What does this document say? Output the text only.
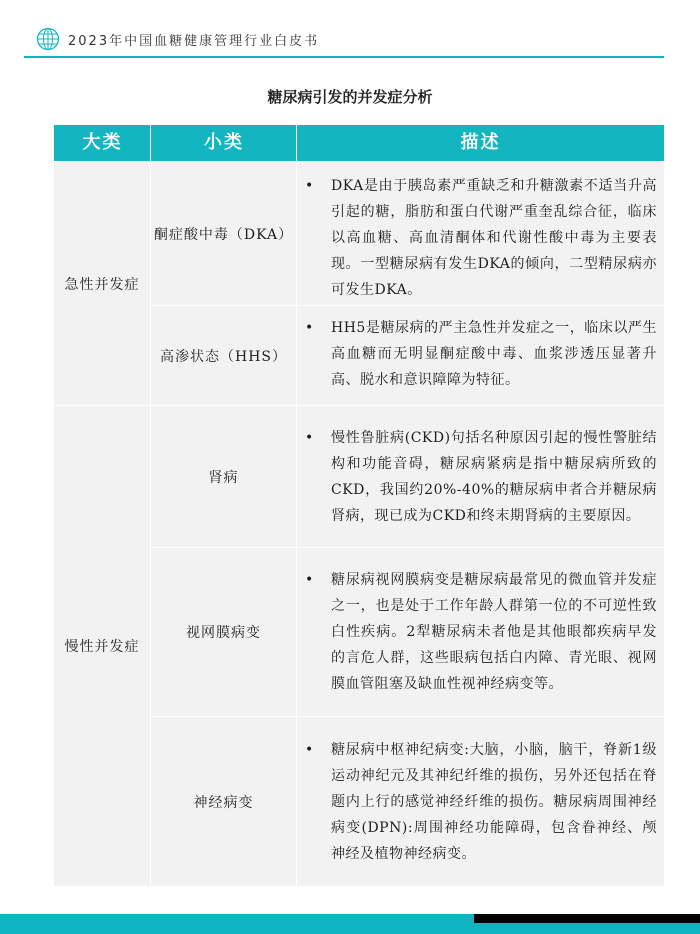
2023年中国血糖健康管理行业白皮书
糖尿病引发的并发症分析
大类	小类	描述
急性并发症
酮症酸中毒（DKA）
• DKA是由于胰岛素严重缺乏和升糖激素不适当升高引起的糖，脂肪和蛋白代谢严重奎乱综合征，临床以高血糖、高血清酮体和代谢性酸中毒为主要表现。一型糖尿病有发生DKA的倾向，二型精尿病亦可发生DKA。
高渗状态（HHS）
• HH5是糖尿病的严主急性并发症之一，临床以严生高血糖而无明显酮症酸中毒、血浆涉透压显著升高、脱水和意识障障为特征。
慢性并发症
肾病
• 慢性鲁脏病(CKD)句括名种原因引起的慢性警脏结构和功能音碍，糖尿病紧病是指中糖尿病所致的CKD，我国约20%-40%的糖尿病申者合并糖尿病肾病，现已成为CKD和终末期肾病的主要原因。
视网膜病变
• 糖尿病视网膜病变是糖尿病最常见的微血管并发症之一，也是处于工作年龄人群第一位的不可逆性致白性疾病。2犁糖尿病未者他是其他眼都疾病早发的言危人群，这些眼病包括白内障、青光眼、视网膜血管阻塞及缺血性视神经病变等。
神经病变
• 糖尿病中枢神纪病变:大脑，小脑，脑干，脊新1级运动神纪元及其神纪纤维的损伤，另外还包括在脊题内上行的感觉神经纤维的损伤。糖尿病周围神经病变(DPN):周围神经功能障碍，包含眷神经、颅神经及植物神经病变。
